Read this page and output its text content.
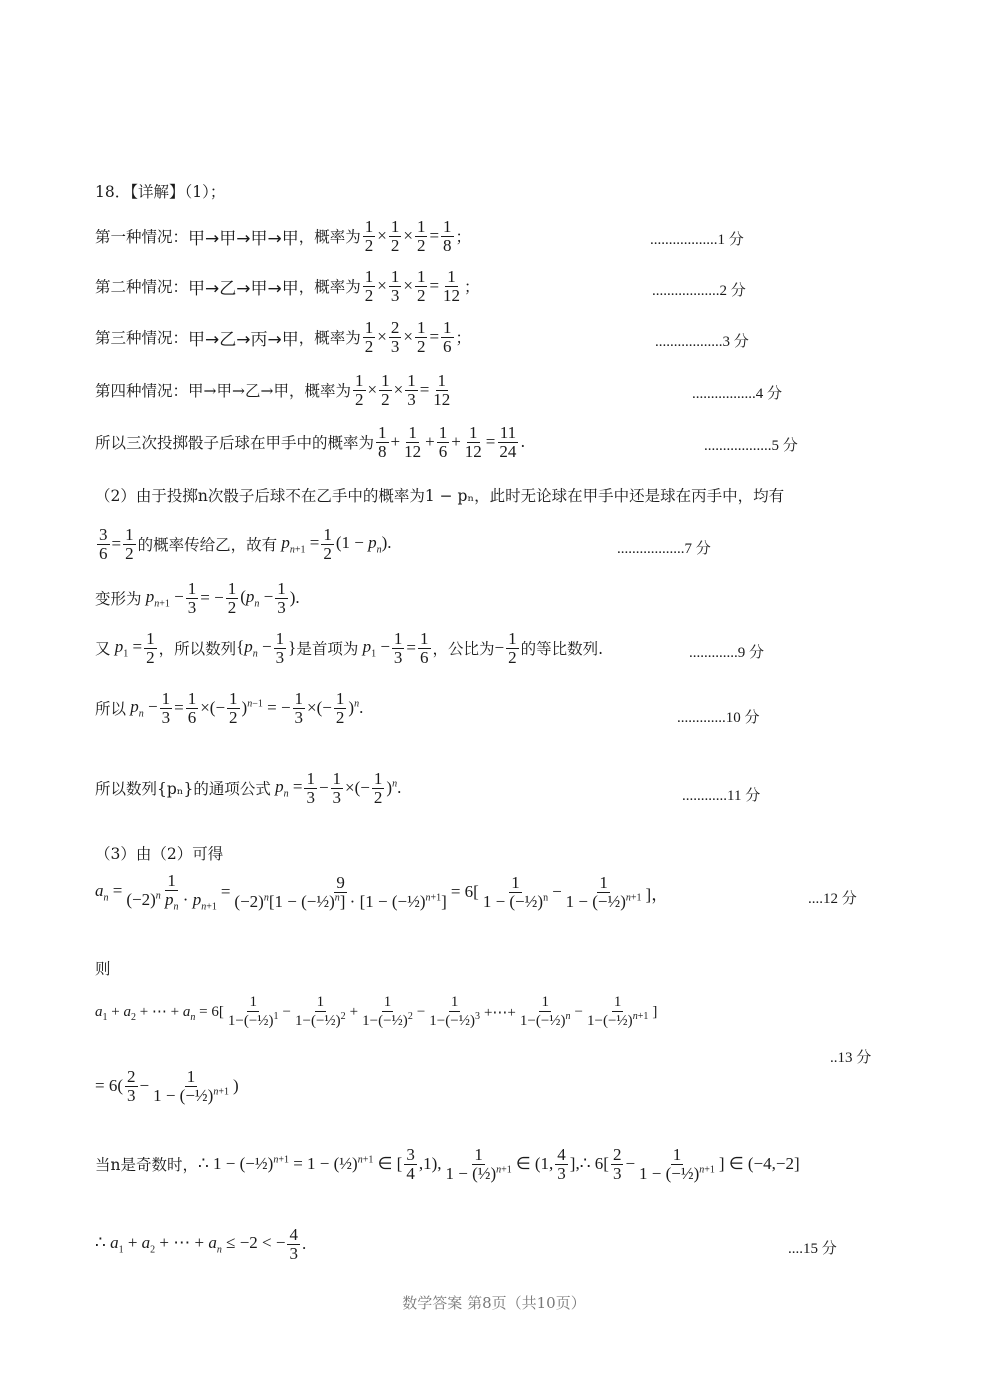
18．【详解】（1）；
第一种情况： 甲→甲→甲→甲 ，概率为 $\frac{1}{2} \times \frac{1}{2} \times \frac{1}{2} = \frac{1}{8}$ ；	..................1 分
第二种情况： 甲→乙→甲→甲 ，概率为 $\frac{1}{2} \times \frac{1}{3} \times \frac{1}{2} = \frac{1}{12}$ ；	..................2 分
第三种情况： 甲→乙→丙→甲 ，概率为 $\frac{1}{2} \times \frac{2}{3} \times \frac{1}{2} = \frac{1}{6}$ ；	..................3 分
第四种情况： 甲→甲→乙→甲 ，概率为 $\frac{1}{2} \times \frac{1}{2} \times \frac{1}{3} = \frac{1}{12}$	.................4 分
所以三次投掷骰子后球在甲手中的概率为
1
$8 + \frac{1}{12} + \frac{1}{6} + \frac{1}{12} = \frac{11}{24}$ .	..................5 分
（2）由于投掷n次骰子后球不在乙手中的概率为1 − pₙ，此时无论球在甲手中还是球在丙手中，均有
$\frac{3}{6} = \frac{1}{2}$ 的概率传给乙，故有 $p_{n+1} = \frac{1}{2} (1 - p_n)$.	..................7 分
变形为 $p_{n+1} - \frac{1}{3}$ = − $\frac{1}{2} (p_n - \frac{1}{3}$ ).
又 $p_1 = \frac{1}{2}$ ，所以数列 {$p_n - \frac{1}{3}$ } 是首项为 $p_1 - \frac{1}{3} = \frac{1}{6}$ ，公比为 − $\frac{1}{2}$ 的等比数列.	.............9 分
所以 $p_n - \frac{1}{3} = \frac{1}{6}$ ×(− $\frac{1}{2} )^{n-1}$ = − $\frac{1}{3}$ ×(− $\frac{1}{2} )^n$.
.............10 分
所以数列{pₙ}的通项公式 $p_n = \frac{1}{3} - \frac{1}{3}$ ×(− $\frac{1}{2} )^n$.	............11 分
（3）由（2）可得
$a_n = \frac{1}{(-2)^n p_n \cdot p_{n+1}} = \frac{9}{(-2)^n[1 - (-\frac{1}{2})^n] \cdot [1 - (-\frac{1}{2})^{n+1}]} = 6$[ 1
1 − (−½)$^n$ − $\frac{1}{1 - (-\frac{1}{2})^{n+1}}$ ]，	....12 分
则
$a_1 + a_2$ + ⋯ + $a_n = 6$[
1
1−(−½)$^1$ − $\frac{1}{1-(-\frac{1}{2})^2} + \frac{1}{1-(-\frac{1}{2})^2} - \frac{1}{1-(-\frac{1}{2})^3}$ +⋯+ $\frac{1}{1-(-\frac{1}{2})^n} - \frac{1}{1-(-\frac{1}{2})^{n+1}}$ ]
..13 分
= 6( 2
$3 - \frac{1}{1 - (-\frac{1}{2})^{n+1}}$ )
当n是奇数时， ∴ 1 − (−½)$^{n+1}$ = 1 − (½)$^{n+1}$ ∈ [ 3
4 ,1), 1
1 − (½)$^{n+1}$ ∈ (1, 4
3 ],∴ 6[ 2
$3 - \frac{1}{1 - (-\frac{1}{2})^{n+1}}$ ] ∈ (−4,−2]
∴ $a_1 + a_2$ + ⋯ + $a_n \le -2$ < − $\frac{4}{3}$ .	....15 分
数学答案 第8页（共10页）
